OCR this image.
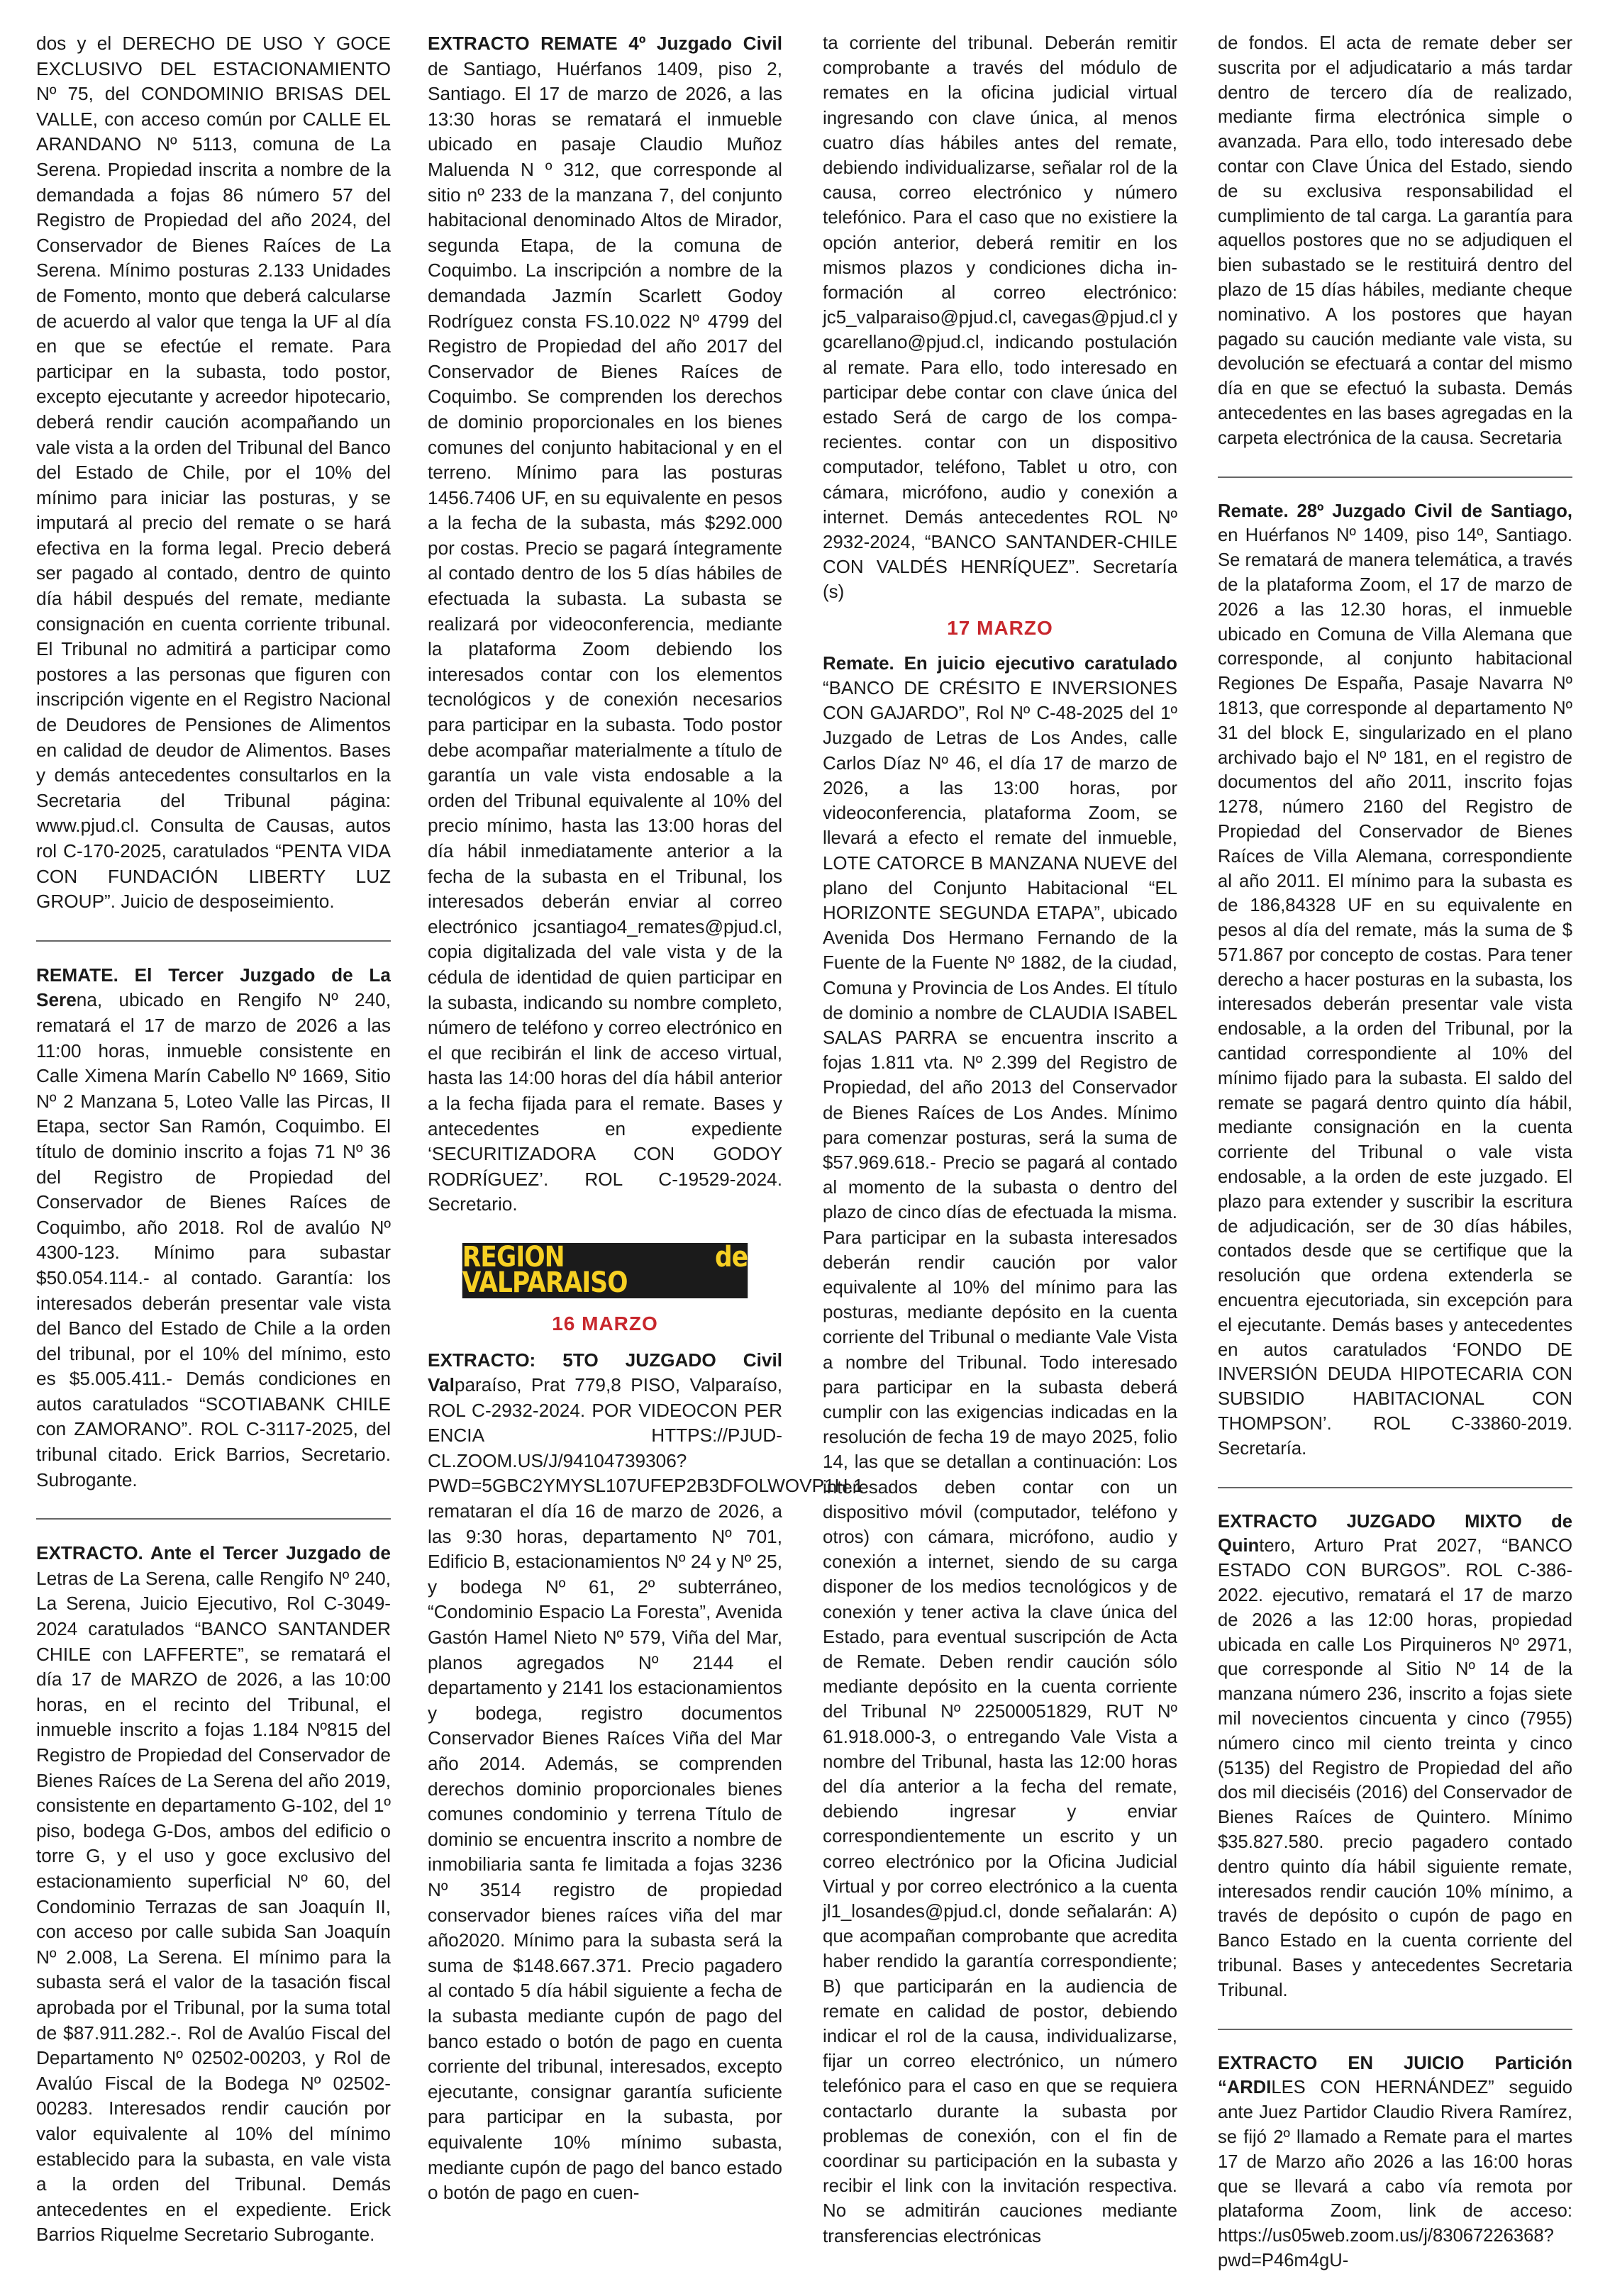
dos y el DERECHO DE USO Y GOCE EXCLUSIVO DEL ESTACIONAMIENTO Nº 75, del CONDOMINIO BRISAS DEL VALLE, con acceso común por CALLE EL ARANDANO Nº 5113, comuna de La Serena. Propiedad inscrita a nombre de la demandada a fojas 86 número 57 del Registro de Propiedad del año 2024, del Conservador de Bienes Raíces de La Serena. Mínimo posturas 2.133 Unidades de Fomento, monto que deberá calcularse de acuerdo al valor que tenga la UF al día en que se efectúe el remate. Para participar en la subasta, todo postor, excepto ejecutante y acreedor hipotecario, deberá rendir caución acompañando un vale vista a la orden del Tribunal del Banco del Estado de Chile, por el 10% del mínimo para iniciar las posturas, y se imputará al precio del remate o se hará efectiva en la forma legal. Precio deberá ser pagado al contado, dentro de quinto día hábil después del remate, mediante consignación en cuenta corriente tribunal. El Tribunal no admitirá a participar como postores a las personas que figuren con inscripción vigente en el Registro Nacional de Deudores de Pensiones de Alimentos en calidad de deudor de Alimentos. Bases y demás antecedentes consultarlos en la Secretaria del Tribunal página: www.pjud.cl. Consulta de Causas, autos rol C-170-2025, caratulados “PENTA VIDA CON FUNDACIÓN LIBERTY LUZ GROUP”. Juicio de desposeimiento.

REMATE. El Tercer Juzgado de La Serena, ubicado en Rengifo Nº 240, rematará el 17 de marzo de 2026 a las 11:00 horas, inmueble consistente en Calle Ximena Marín Cabello Nº 1669, Sitio Nº 2 Manzana 5, Loteo Valle las Pircas, II Etapa, sector San Ramón, Coquimbo. El título de dominio inscrito a fojas 71 Nº 36 del Registro de Propiedad del Conservador de Bienes Raíces de Coquimbo, año 2018. Rol de avalúo Nº 4300-123. Mínimo para subastar $50.054.114.- al contado. Garantía: los interesados deberán presentar vale vista del Banco del Estado de Chile a la orden del tribunal, por el 10% del mínimo, esto es $5.005.411.- Demás condiciones en autos caratulados “SCOTIABANK CHILE con ZAMORANO”. ROL C-3117-2025, del tribunal citado. Erick Barrios, Secretario. Subrogante.

EXTRACTO. Ante el Tercer Juzgado de Letras de La Serena, calle Rengifo Nº 240, La Serena, Juicio Ejecutivo, Rol C-3049-2024 caratulados “BANCO SANTANDER CHILE con LAFFERTE”, se rematará el día 17 de MARZO de 2026, a las 10:00 horas, en el recinto del Tribunal, el inmueble inscrito a fojas 1.184 Nº815 del Registro de Propiedad del Conservador de Bienes Raíces de La Serena del año 2019, consistente en departamento G-102, del 1º piso, bodega G-Dos, ambos del edificio o torre G, y el uso y goce exclusivo del estacionamiento superficial Nº 60, del Condominio Terrazas de san Joaquín II, con acceso por calle subida San Joaquín Nº 2.008, La Serena. El mínimo para la subasta será el valor de la tasación fiscal aprobada por el Tribunal, por la suma total de $87.911.282.-. Rol de Avalúo Fiscal del Departamento Nº 02502-00203, y Rol de Avalúo Fiscal de la Bodega Nº 02502-00283. Interesados rendir caución por valor equivalente al 10% del mínimo establecido para la subasta, en vale vista a la orden del Tribunal. Demás antecedentes en el expediente. Erick Barrios Riquelme Secretario Subrogante.

EXTRACTO REMATE 4º Juzgado Civil de Santiago, Huérfanos 1409, piso 2, Santiago. El 17 de marzo de 2026, a las 13:30 horas se rematará el inmueble ubicado en pasaje Claudio Muñoz Maluenda N º 312, que corresponde al sitio nº 233 de la manzana 7, del conjunto habitacional denominado Altos de Mirador, segunda Etapa, de la comuna de Coquimbo. La inscripción a nombre de la demandada Jazmín Scarlett Godoy Rodríguez consta FS.10.022 Nº 4799 del Registro de Propiedad del año 2017 del Conservador de Bienes Raíces de Coquimbo. Se comprenden los derechos de dominio proporcionales en los bienes comunes del conjunto habitacional y en el terreno. Mínimo para las posturas 1456.7406 UF, en su equivalente en pesos a la fecha de la subasta, más $292.000 por costas. Precio se pagará íntegramente al contado dentro de los 5 días hábiles de efectuada la subasta. La subasta se realizará por videoconferencia, mediante la plataforma Zoom debiendo los interesados contar con los elementos tecnológicos y de conexión necesarios para participar en la subasta. Todo postor debe acompañar materialmente a título de garantía un vale vista endosable a la orden del Tribunal equivalente al 10% del precio mínimo, hasta las 13:00 horas del día hábil inmediatamente anterior a la fecha de la subasta en el Tribunal, los interesados deberán enviar al correo electrónico jcsantiago4_remates@pjud.cl, copia digitalizada del vale vista y de la cédula de identidad de quien participar en la subasta, indicando su nombre completo, número de teléfono y correo electrónico en el que recibirán el link de acceso virtual, hasta las 14:00 horas del día hábil anterior a la fecha fijada para el remate. Bases y antecedentes en expediente ‘SECURITIZADORA CON GODOY RODRÍGUEZ’. ROL C-19529-2024. Secretario.

REGION de VALPARAISO
16 MARZO

EXTRACTO: 5TO JUZGADO Civil Valparaíso, Prat 779,8 PISO, Valparaíso, ROL C-2932-2024. POR VIDEOCON PER ENCIA HTTPS://PJUD-CL.ZOOM.US/J/94104739306?PWD=5GBC2YMYSL107UFEP2B3DFOLWOVP1H.1 remataran el día 16 de marzo de 2026, a las 9:30 horas, departamento Nº 701, Edificio B, estacionamientos Nº 24 y Nº 25, y bodega Nº 61, 2º subterráneo, “Condominio Espacio La Foresta”, Avenida Gastón Hamel Nieto Nº 579, Viña del Mar, planos agregados Nº 2144 el departamento y 2141 los estacionamientos y bodega, registro documentos Conservador Bienes Raíces Viña del Mar año 2014. Además, se comprenden derechos dominio proporcionales bienes comunes condominio y terrena Título de dominio se encuentra inscrito a nombre de inmobiliaria santa fe limitada a fojas 3236 Nº 3514 registro de propiedad conservador bienes raíces viña del mar año2020. Mínimo para la subasta será la suma de $148.667.371. Precio pagadero al contado 5 día hábil siguiente a fecha de la subasta mediante cupón de pago del banco estado o botón de pago en cuenta corriente del tribunal, interesados, excepto ejecutante, consignar garantía suficiente para participar en la subasta, por equivalente 10% mínimo subasta, mediante cupón de pago del banco estado o botón de pago en cuen-

ta corriente del tribunal. Deberán remitir comprobante a través del módulo de remates en la oficina judicial virtual ingresando con clave única, al menos cuatro días hábiles antes del remate, debiendo individualizarse, señalar rol de la causa, correo electrónico y número telefónico. Para el caso que no existiere la opción anterior, deberá remitir en los mismos plazos y condiciones dicha in-formación al correo electrónico: jc5_valparaiso@pjud.cl, cavegas@pjud.cl y gcarellano@pjud.cl, indicando postulación al remate. Para ello, todo interesado en participar debe contar con clave única del estado Será de cargo de los compa-recientes. contar con un dispositivo computador, teléfono, Tablet u otro, con cámara, micrófono, audio y conexión a internet. Demás antecedentes ROL Nº 2932-2024, “BANCO SANTANDER-CHILE CON VALDÉS HENRÍQUEZ”. Secretaría (s)

17 MARZO

Remate. En juicio ejecutivo caratulado “BANCO DE CRÉSITO E INVERSIONES CON GAJARDO”, Rol Nº C-48-2025 del 1º Juzgado de Letras de Los Andes, calle Carlos Díaz Nº 46, el día 17 de marzo de 2026, a las 13:00 horas, por videoconferencia, plataforma Zoom, se llevará a efecto el remate del inmueble, LOTE CATORCE B MANZANA NUEVE del plano del Conjunto Habitacional “EL HORIZONTE SEGUNDA ETAPA”, ubicado Avenida Dos Hermano Fernando de la Fuente de la Fuente Nº 1882, de la ciudad, Comuna y Provincia de Los Andes. El título de dominio a nombre de CLAUDIA ISABEL SALAS PARRA se encuentra inscrito a fojas 1.811 vta. Nº 2.399 del Registro de Propiedad, del año 2013 del Conservador de Bienes Raíces de Los Andes. Mínimo para comenzar posturas, será la suma de $57.969.618.- Precio se pagará al contado al momento de la subasta o dentro del plazo de cinco días de efectuada la misma. Para participar en la subasta interesados deberán rendir caución por valor equivalente al 10% del mínimo para las posturas, mediante depósito en la cuenta corriente del Tribunal o mediante Vale Vista a nombre del Tribunal. Todo interesado para participar en la subasta deberá cumplir con las exigencias indicadas en la resolución de fecha 19 de mayo 2025, folio 14, las que se detallan a continuación: Los interesados deben contar con un dispositivo móvil (computador, teléfono y otros) con cámara, micrófono, audio y conexión a internet, siendo de su carga disponer de los medios tecnológicos y de conexión y tener activa la clave única del Estado, para eventual suscripción de Acta de Remate. Deben rendir caución sólo mediante depósito en la cuenta corriente del Tribunal Nº 22500051829, RUT Nº 61.918.000-3, o entregando Vale Vista a nombre del Tribunal, hasta las 12:00 horas del día anterior a la fecha del remate, debiendo ingresar y enviar correspondientemente un escrito y un correo electrónico por la Oficina Judicial Virtual y por correo electrónico a la cuenta jl1_losandes@pjud.cl, donde señalarán: A) que acompañan comprobante que acredita haber rendido la garantía correspondiente; B) que participarán en la audiencia de remate en calidad de postor, debiendo indicar el rol de la causa, individualizarse, fijar un correo electrónico, un número telefónico para el caso en que se requiera contactarlo durante la subasta por problemas de conexión, con el fin de coordinar su participación en la subasta y recibir el link con la invitación respectiva. No se admitirán cauciones mediante transferencias electrónicas

de fondos. El acta de remate deber ser suscrita por el adjudicatario a más tardar dentro de tercero día de realizado, mediante firma electrónica simple o avanzada. Para ello, todo interesado debe contar con Clave Única del Estado, siendo de su exclusiva responsabilidad el cumplimiento de tal carga. La garantía para aquellos postores que no se adjudiquen el bien subastado se le restituirá dentro del plazo de 15 días hábiles, mediante cheque nominativo. A los postores que hayan pagado su caución mediante vale vista, su devolución se efectuará a contar del mismo día en que se efectuó la subasta. Demás antecedentes en las bases agregadas en la carpeta electrónica de la causa. Secretaria

Remate. 28º Juzgado Civil de Santiago, en Huérfanos Nº 1409, piso 14º, Santiago. Se rematará de manera telemática, a través de la plataforma Zoom, el 17 de marzo de 2026 a las 12.30 horas, el inmueble ubicado en Comuna de Villa Alemana que corresponde, al conjunto habitacional Regiones De España, Pasaje Navarra Nº 1813, que corresponde al departamento Nº 31 del block E, singularizado en el plano archivado bajo el Nº 181, en el registro de documentos del año 2011, inscrito fojas 1278, número 2160 del Registro de Propiedad del Conservador de Bienes Raíces de Villa Alemana, correspondiente al año 2011. El mínimo para la subasta es de 186,84328 UF en su equivalente en pesos al día del remate, más la suma de $ 571.867 por concepto de costas. Para tener derecho a hacer posturas en la subasta, los interesados deberán presentar vale vista endosable, a la orden del Tribunal, por la cantidad correspondiente al 10% del mínimo fijado para la subasta. El saldo del remate se pagará dentro quinto día hábil, mediante consignación en la cuenta corriente del Tribunal o vale vista endosable, a la orden de este juzgado. El plazo para extender y suscribir la escritura de adjudicación, ser de 30 días hábiles, contados desde que se certifique que la resolución que ordena extenderla se encuentra ejecutoriada, sin excepción para el ejecutante. Demás bases y antecedentes en autos caratulados ‘FONDO DE INVERSIÓN DEUDA HIPOTECARIA CON SUBSIDIO HABITACIONAL CON THOMPSON’. ROL C-33860-2019. Secretaría.

EXTRACTO JUZGADO MIXTO de Quintero, Arturo Prat 2027, “BANCO ESTADO CON BURGOS”. ROL C-386-2022. ejecutivo, rematará el 17 de marzo de 2026 a las 12:00 horas, propiedad ubicada en calle Los Pirquineros Nº 2971, que corresponde al Sitio Nº 14 de la manzana número 236, inscrito a fojas siete mil novecientos cincuenta y cinco (7955) número cinco mil ciento treinta y cinco (5135) del Registro de Propiedad del año dos mil dieciséis (2016) del Conservador de Bienes Raíces de Quintero. Mínimo $35.827.580. precio pagadero contado dentro quinto día hábil siguiente remate, interesados rendir caución 10% mínimo, a través de depósito o cupón de pago en Banco Estado en la cuenta corriente del tribunal. Bases y antecedentes Secretaria Tribunal.

EXTRACTO EN JUICIO Partición “ARDILES CON HERNÁNDEZ” seguido ante Juez Partidor Claudio Rivera Ramírez, se fijó 2º llamado a Remate para el martes 17 de Marzo año 2026 a las 16:00 horas que se llevará a cabo vía remota por plataforma Zoom, link de acceso: https://us05web.zoom.us/j/83067226368?pwd=P46m4gU-
